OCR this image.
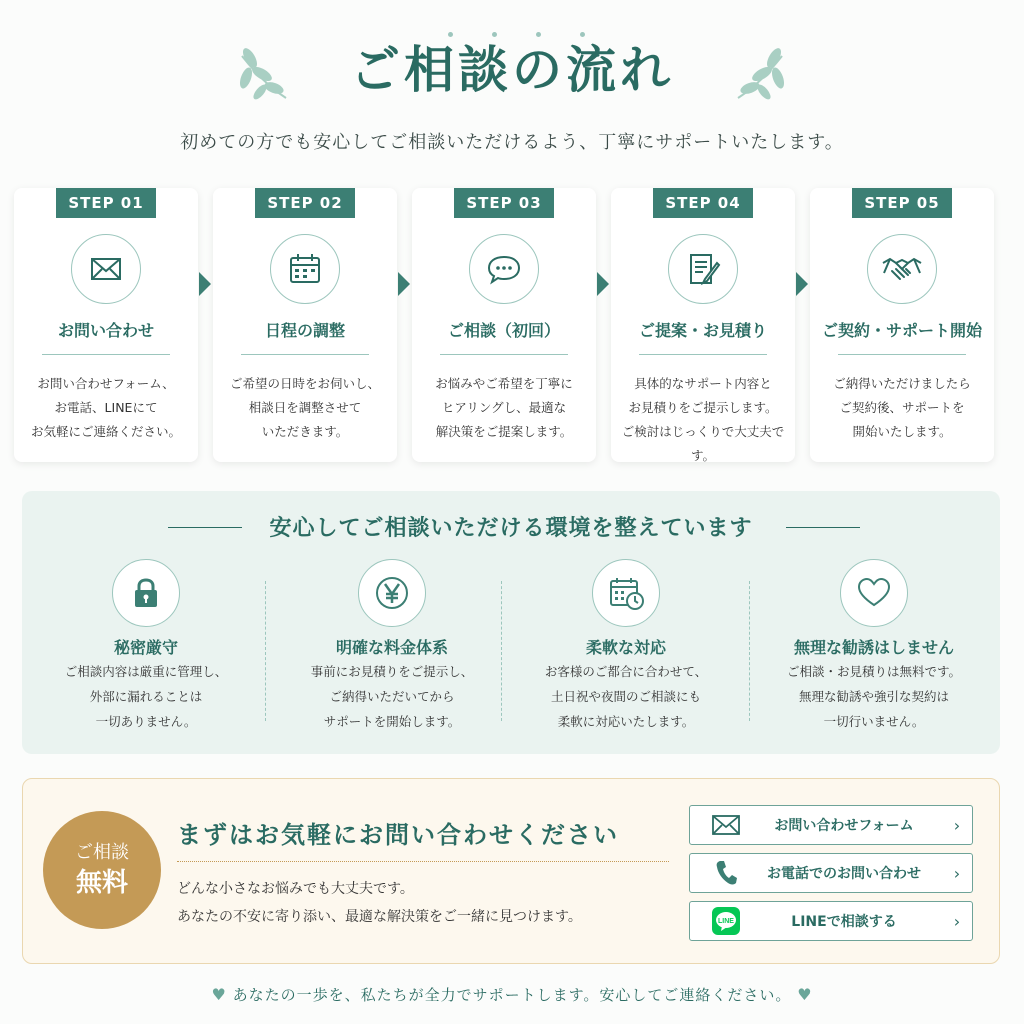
ご相談の流れ
初めての方でも安心してご相談いただけるよう、丁寧にサポートいたします。
STEP 01
お問い合わせ
お問い合わせフォーム、
お電話、LINEにて
お気軽にご連絡ください。
STEP 02
日程の調整
ご希望の日時をお伺いし、
相談日を調整させて
いただきます。
STEP 03
ご相談（初回）
お悩みやご希望を丁寧に
ヒアリングし、最適な
解決策をご提案します。
STEP 04
ご提案・お見積り
具体的なサポート内容と
お見積りをご提示します。
ご検討はじっくりで大丈夫です。
STEP 05
ご契約・サポート開始
ご納得いただけましたら
ご契約後、サポートを
開始いたします。
安心してご相談いただける環境を整えています
秘密厳守
ご相談内容は厳重に管理し、
外部に漏れることは
一切ありません。
明確な料金体系
事前にお見積りをご提示し、
ご納得いただいてから
サポートを開始します。
柔軟な対応
お客様のご都合に合わせて、
土日祝や夜間のご相談にも
柔軟に対応いたします。
無理な勧誘はしません
ご相談・お見積りは無料です。
無理な勧誘や強引な契約は
一切行いません。
ご相談
無料
まずはお気軽にお問い合わせください
どんな小さなお悩みでも大丈夫です。
あなたの不安に寄り添い、最適な解決策をご一緒に見つけます。
お問い合わせフォーム	›
お電話でのお問い合わせ	›
LINE	LINEで相談する	›
♥ あなたの一歩を、私たちが全力でサポートします。安心してご連絡ください。 ♥
